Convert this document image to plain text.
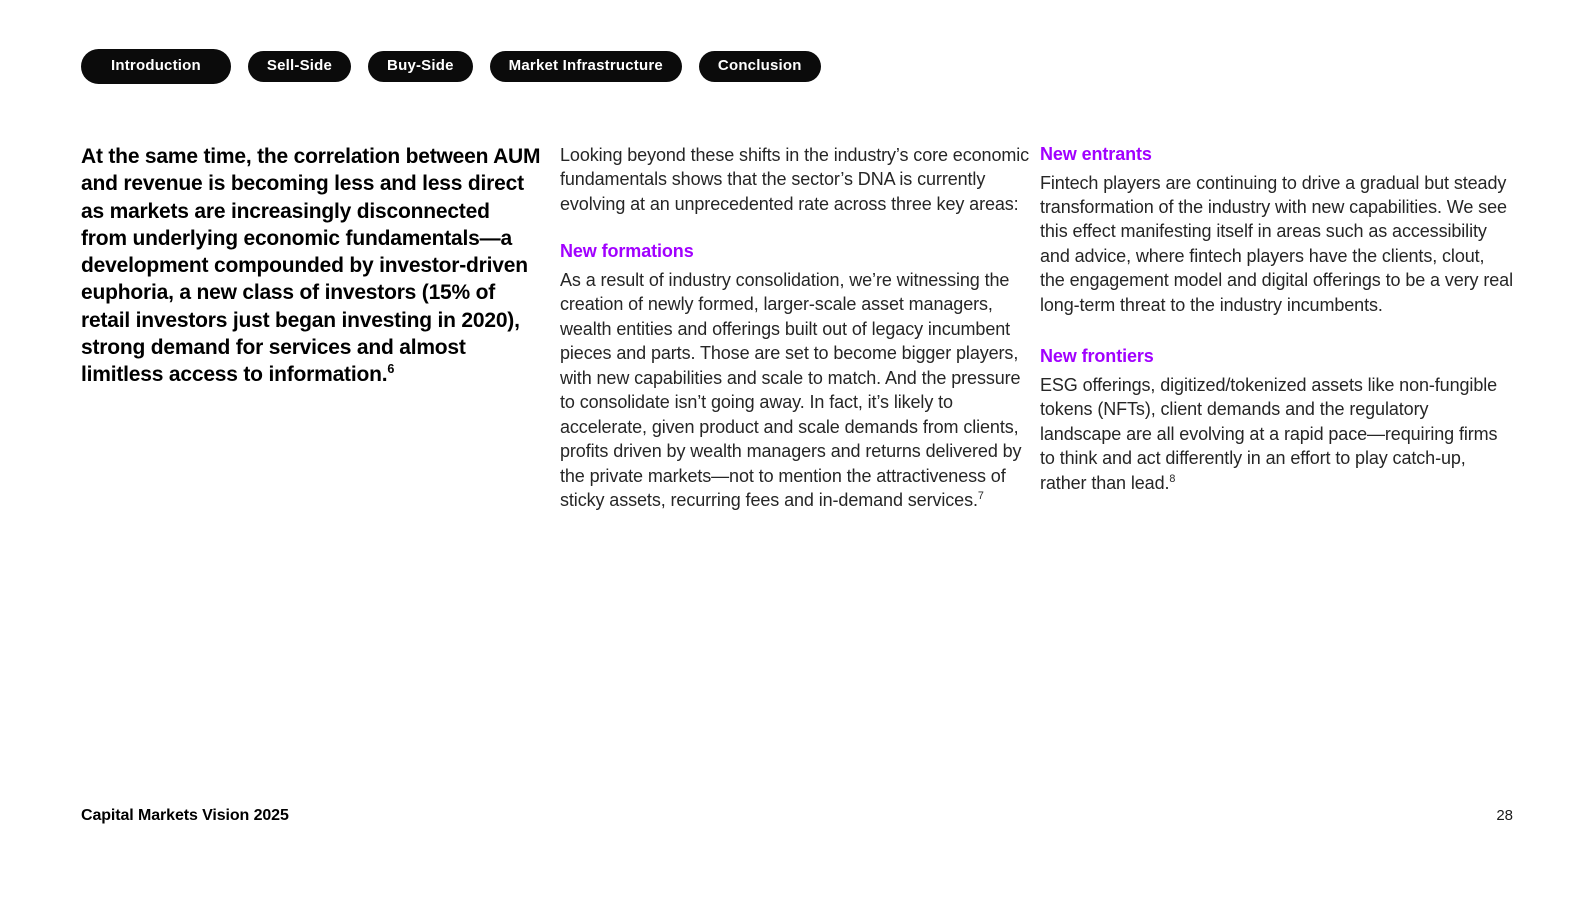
Introduction	Sell-Side	Buy-Side	Market Infrastructure	Conclusion
At the same time, the correlation between AUM and revenue is becoming less and less direct as markets are increasingly disconnected from underlying economic fundamentals—a development compounded by investor-driven euphoria, a new class of investors (15% of retail investors just began investing in 2020), strong demand for services and almost limitless access to information.$^6$

Looking beyond these shifts in the industry’s core economic fundamentals shows that the sector’s DNA is currently evolving at an unprecedented rate across three key areas:

New formations

As a result of industry consolidation, we’re witnessing the creation of newly formed, larger-scale asset managers, wealth entities and offerings built out of legacy incumbent pieces and parts. Those are set to become bigger players, with new capabilities and scale to match. And the pressure to consolidate isn’t going away. In fact, it’s likely to accelerate, given product and scale demands from clients, profits driven by wealth managers and returns delivered by the private markets—not to mention the attractiveness of sticky assets, recurring fees and in-demand services.$^7$

New entrants

Fintech players are continuing to drive a gradual but steady transformation of the industry with new capabilities. We see this effect manifesting itself in areas such as accessibility and advice, where fintech players have the clients, clout, the engagement model and digital offerings to be a very real long-term threat to the industry incumbents.

New frontiers

ESG offerings, digitized/tokenized assets like non-fungible tokens (NFTs), client demands and the regulatory landscape are all evolving at a rapid pace—requiring firms to think and act differently in an effort to play catch-up, rather than lead.$^8$

Capital Markets Vision 2025	28
